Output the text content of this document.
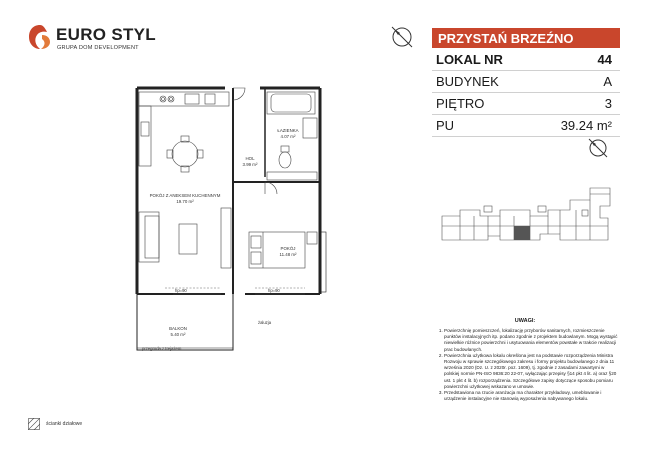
EURO STYL
GRUPA DOM DEVELOPMENT
PRZYSTAŃ BRZEŹNO
LOKAL NR	44
BUDYNEK	A
PIĘTRO	3
PU	39.24 m²
UWAGI:
1. Powierzchnię pomieszczeń, lokalizację przyborów sanitarnych, rozmieszczenie punktów instalacyjnych itp. podano zgodnie z projektem budowlanym. Mogą wystąpić niewielkie różnice powierzchni i usytuowania elementów powstałe w trakcie realizacji prac budowlanych.
2. Powierzchnia użytkowa lokalu określona jest na podstawie rozporządzenia Ministra Rozwoju w sprawie szczegółowego zakresu i formy projektu budowlanego z dnia 11 września 2020 (Dz. U. z 2020r. poz. 1609), tj. zgodnie z zasadami zawartymi w polskiej normie PN-ISO 9836:20 22-07, wyłączając przepisy §14 pkt 4 lit. a) oraz §20 ust. 1 pkt 4 lit. b) rozporządzenia. Szczegółowe zapisy dotyczące sposobu pomiaru powierzchni użytkowej wskazano w umowie.
3. Przedstawiona na rzucie aranżacja ma charakter przykładowy, umeblowanie i urządzenie instalacyjne nie stanowią wyposażenia nabywanego lokalu.
ŁAZIENKA
4.07 m²
HOL
3.99 m²
POKÓJ Z ANEKSEM KUCHENNYM
19.70 m²
POKÓJ
11.48 m²
BALKON
5.40 m²
hp=90	hp=90
przegroda z trejażem
żaluzja
ścianki działowe
